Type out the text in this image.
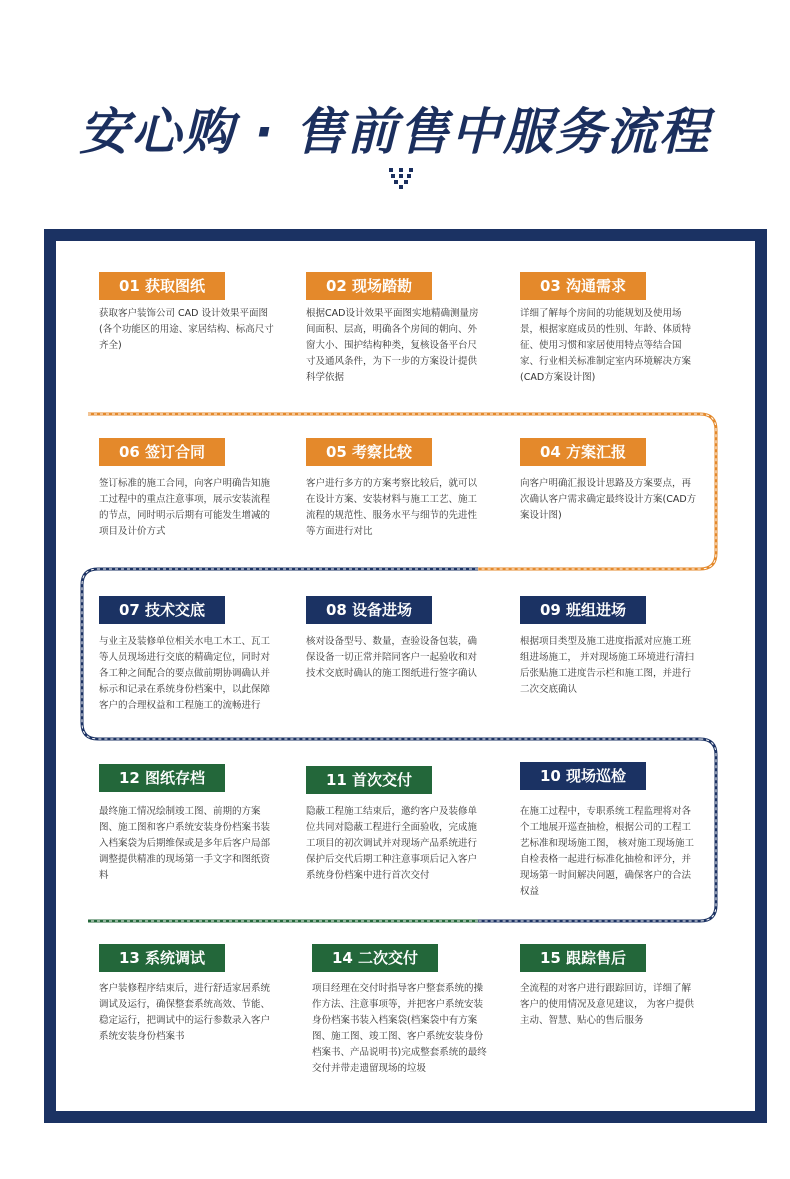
安心购 · 售前售中服务流程
01 获取图纸
获取客户装饰公司 CAD 设计效果平面图(各个功能区的用途、家居结构、标高尺寸齐全)
02 现场踏勘
根据CAD设计效果平面图实地精确测量房间面积、层高，明确各个房间的朝向、外窗大小、围护结构种类，复核设备平台尺寸及通风条件，为下一步的方案设计提供科学依据
03 沟通需求
详细了解每个房间的功能规划及使用场景，根据家庭成员的性别、年龄、体质特征、使用习惯和家居使用特点等结合国家、行业相关标准制定室内环境解决方案(CAD方案设计图)
06 签订合同
签订标准的施工合同，向客户明确告知施工过程中的重点注意事项，展示安装流程的节点，同时明示后期有可能发生增减的项目及计价方式
05 考察比较
客户进行多方的方案考察比较后，就可以在设计方案、安装材料与施工工艺、施工流程的规范性、服务水平与细节的先进性等方面进行对比
04 方案汇报
向客户明确汇报设计思路及方案要点，再次确认客户需求确定最终设计方案(CAD方案设计图)
07 技术交底
与业主及装修单位相关水电工木工、瓦工等人员现场进行交底的精确定位，同时对各工种之间配合的要点做前期协调确认并标示和记录在系统身份档案中，以此保障客户的合理权益和工程施工的流畅进行
08 设备进场
核对设备型号、数量，查验设备包装，确保设备一切正常并陪同客户一起验收和对技术交底时确认的施工图纸进行签字确认
09 班组进场
根据项目类型及施工进度指派对应施工班组进场施工， 并对现场施工环境进行清扫后张贴施工进度告示栏和施工图，并进行二次交底确认
12 图纸存档
最终施工情况绘制竣工图、前期的方案图、施工图和客户系统安装身份档案书装入档案袋为后期维保或是多年后客户局部调整提供精准的现场第一手文字和图纸资料
11 首次交付
隐蔽工程施工结束后，邀约客户及装修单位共同对隐蔽工程进行全面验收，完成施工项目的初次调试并对现场产品系统进行保护后交代后期工种注意事项后记入客户系统身份档案中进行首次交付
10 现场巡检
在施工过程中，专职系统工程监理将对各个工地展开巡查抽检，根据公司的工程工艺标准和现场施工图， 核对施工现场施工自检表格一起进行标准化抽检和评分，并现场第一时间解决问题，确保客户的合法权益
13 系统调试
客户装修程序结束后，进行舒适家居系统调试及运行，确保整套系统高效、节能、稳定运行，把调试中的运行参数录入客户系统安装身份档案书
14 二次交付
项目经理在交付时指导客户整套系统的操作方法、注意事项等，并把客户系统安装身份档案书装入档案袋(档案袋中有方案图、施工图、竣工图、客户系统安装身份档案书、产品说明书)完成整套系统的最终交付并带走遗留现场的垃圾
15 跟踪售后
全流程的对客户进行跟踪回访，详细了解客户的使用情况及意见建议， 为客户提供主动、智慧、贴心的售后服务
